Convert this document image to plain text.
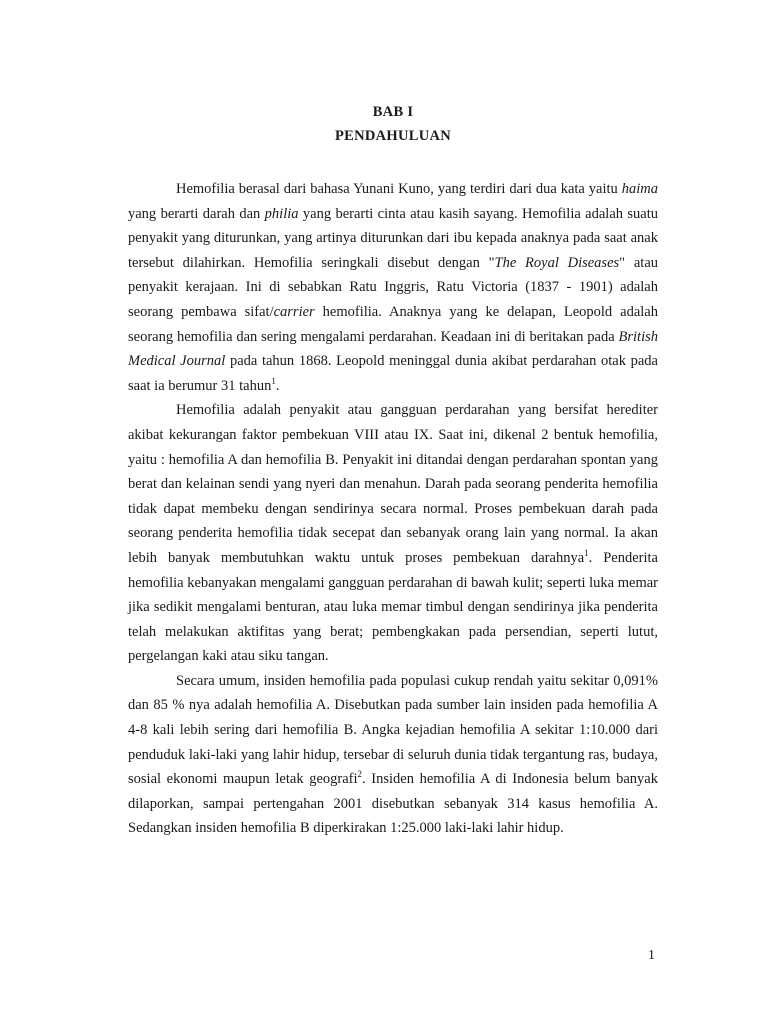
BAB I
PENDAHULUAN

Hemofilia berasal dari bahasa Yunani Kuno, yang terdiri dari dua kata yaitu haima yang berarti darah dan philia yang berarti cinta atau kasih sayang. Hemofilia adalah suatu penyakit yang diturunkan, yang artinya diturunkan dari ibu kepada anaknya pada saat anak tersebut dilahirkan. Hemofilia seringkali disebut dengan "The Royal Diseases" atau penyakit kerajaan. Ini di sebabkan Ratu Inggris, Ratu Victoria (1837 - 1901) adalah seorang pembawa sifat/carrier hemofilia. Anaknya yang ke delapan, Leopold adalah seorang hemofilia dan sering mengalami perdarahan. Keadaan ini di beritakan pada British Medical Journal pada tahun 1868. Leopold meninggal dunia akibat perdarahan otak pada saat ia berumur 31 tahun$^1$.

Hemofilia adalah penyakit atau gangguan perdarahan yang bersifat herediter akibat kekurangan faktor pembekuan VIII atau IX. Saat ini, dikenal 2 bentuk hemofilia, yaitu : hemofilia A dan hemofilia B. Penyakit ini ditandai dengan perdarahan spontan yang berat dan kelainan sendi yang nyeri dan menahun. Darah pada seorang penderita hemofilia tidak dapat membeku dengan sendirinya secara normal. Proses pembekuan darah pada seorang penderita hemofilia tidak secepat dan sebanyak orang lain yang normal. Ia akan lebih banyak membutuhkan waktu untuk proses pembekuan darahnya$^1$. Penderita hemofilia kebanyakan mengalami gangguan perdarahan di bawah kulit; seperti luka memar jika sedikit mengalami benturan, atau luka memar timbul dengan sendirinya jika penderita telah melakukan aktifitas yang berat; pembengkakan pada persendian, seperti lutut, pergelangan kaki atau siku tangan.

Secara umum, insiden hemofilia pada populasi cukup rendah yaitu sekitar 0,091% dan 85 % nya adalah hemofilia A. Disebutkan pada sumber lain insiden pada hemofilia A 4-8 kali lebih sering dari hemofilia B. Angka kejadian hemofilia A sekitar 1:10.000 dari penduduk laki-laki yang lahir hidup, tersebar di seluruh dunia tidak tergantung ras, budaya, sosial ekonomi maupun letak geografi$^2$. Insiden hemofilia A di Indonesia belum banyak dilaporkan, sampai pertengahan 2001 disebutkan sebanyak 314 kasus hemofilia A. Sedangkan insiden hemofilia B diperkirakan 1:25.000 laki-laki lahir hidup.

1
